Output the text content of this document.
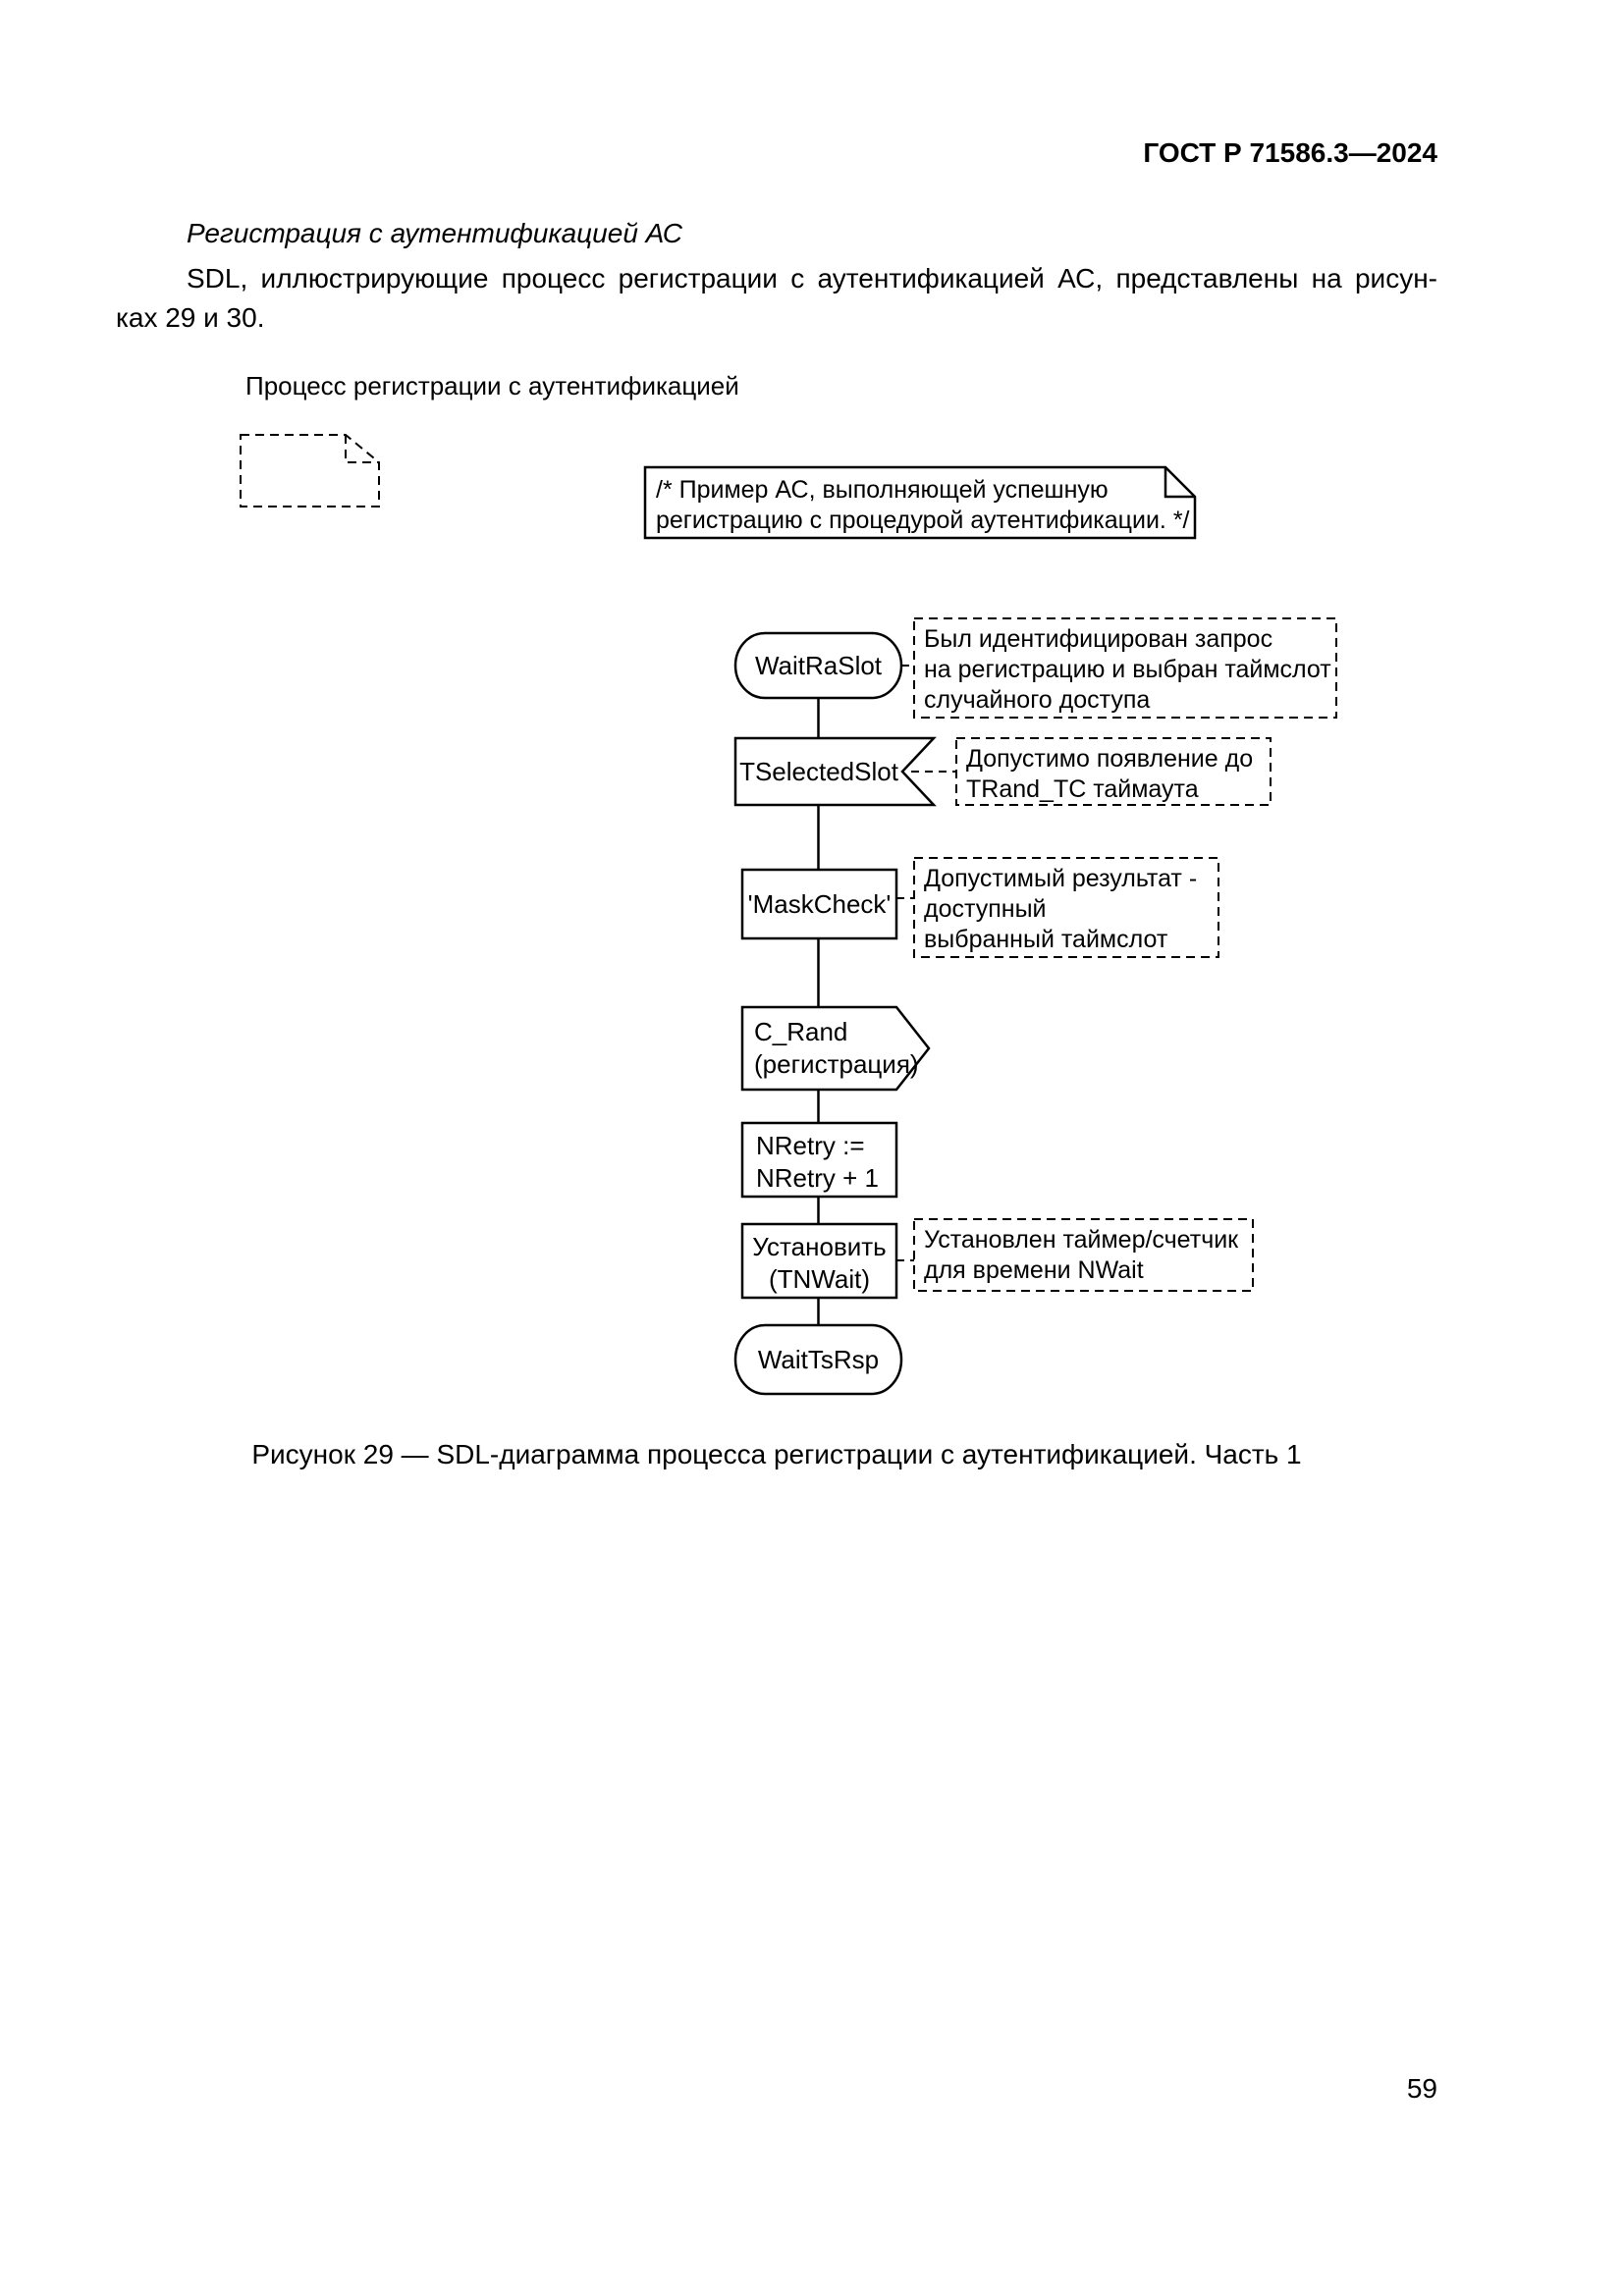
ГОСТ Р 71586.3—2024
Регистрация с аутентификацией АС
SDL, иллюстрирующие процесс регистрации с аутентификацией АС, представлены на рисун-
ках 29 и 30.
Процесс регистрации с аутентификацией
/* Пример АС, выполняющей успешную
регистрацию с процедурой аутентификации. */
WaitRaSlot
TSelectedSlot
'MaskCheck'
C_Rand
(регистрация)
NRetry :=
NRetry + 1
Установить
(TNWait)
WaitTsRsp
Был идентифицирован запрос
на регистрацию и выбран таймслот
случайного доступа
Допустимо появление до
TRand_TC таймаута
Допустимый результат -
доступный
выбранный таймслот
Установлен таймер/счетчик
для времени NWait
Рисунок 29 — SDL-диаграмма процесса регистрации с аутентификацией. Часть 1
59
